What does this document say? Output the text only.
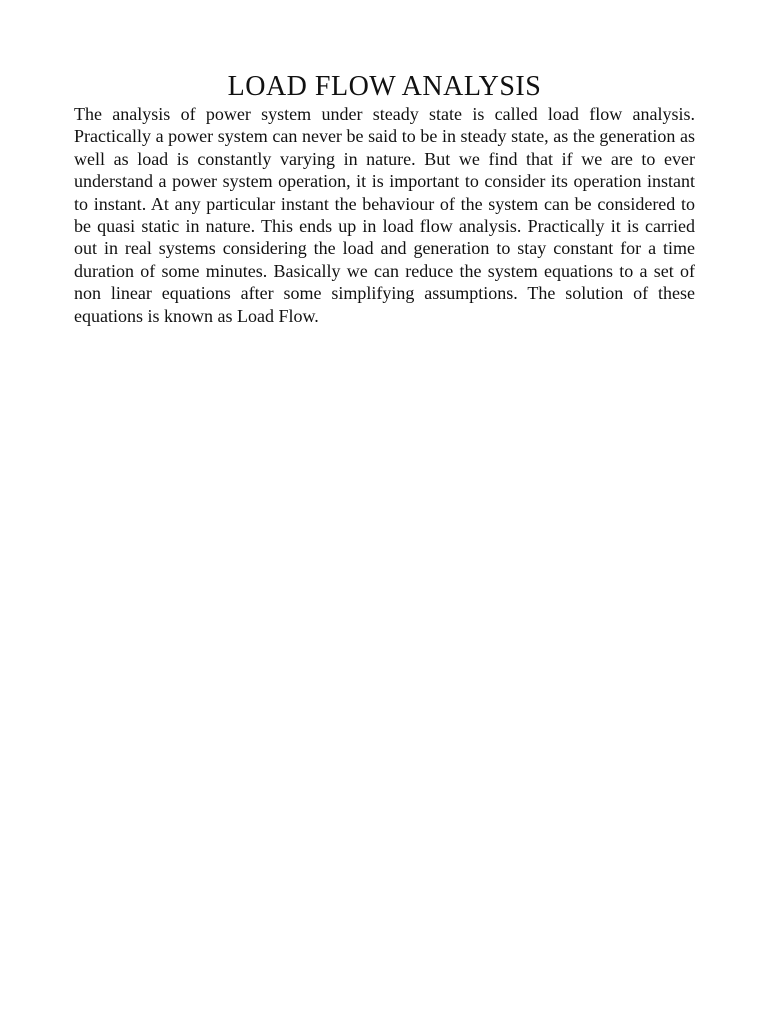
LOAD FLOW ANALYSIS

The analysis of power system under steady state is called load flow analysis. Practically a power system can never be said to be in steady state, as the generation as well as load is constantly varying in nature. But we find that if we are to ever understand a power system operation, it is important to consider its operation instant to instant. At any particular instant the behaviour of the system can be considered to be quasi static in nature. This ends up in load flow analysis. Practically it is carried out in real systems considering the load and generation to stay constant for a time duration of some minutes. Basically we can reduce the system equations to a set of non linear equations after some simplifying assumptions. The solution of these equations is known as Load Flow.
